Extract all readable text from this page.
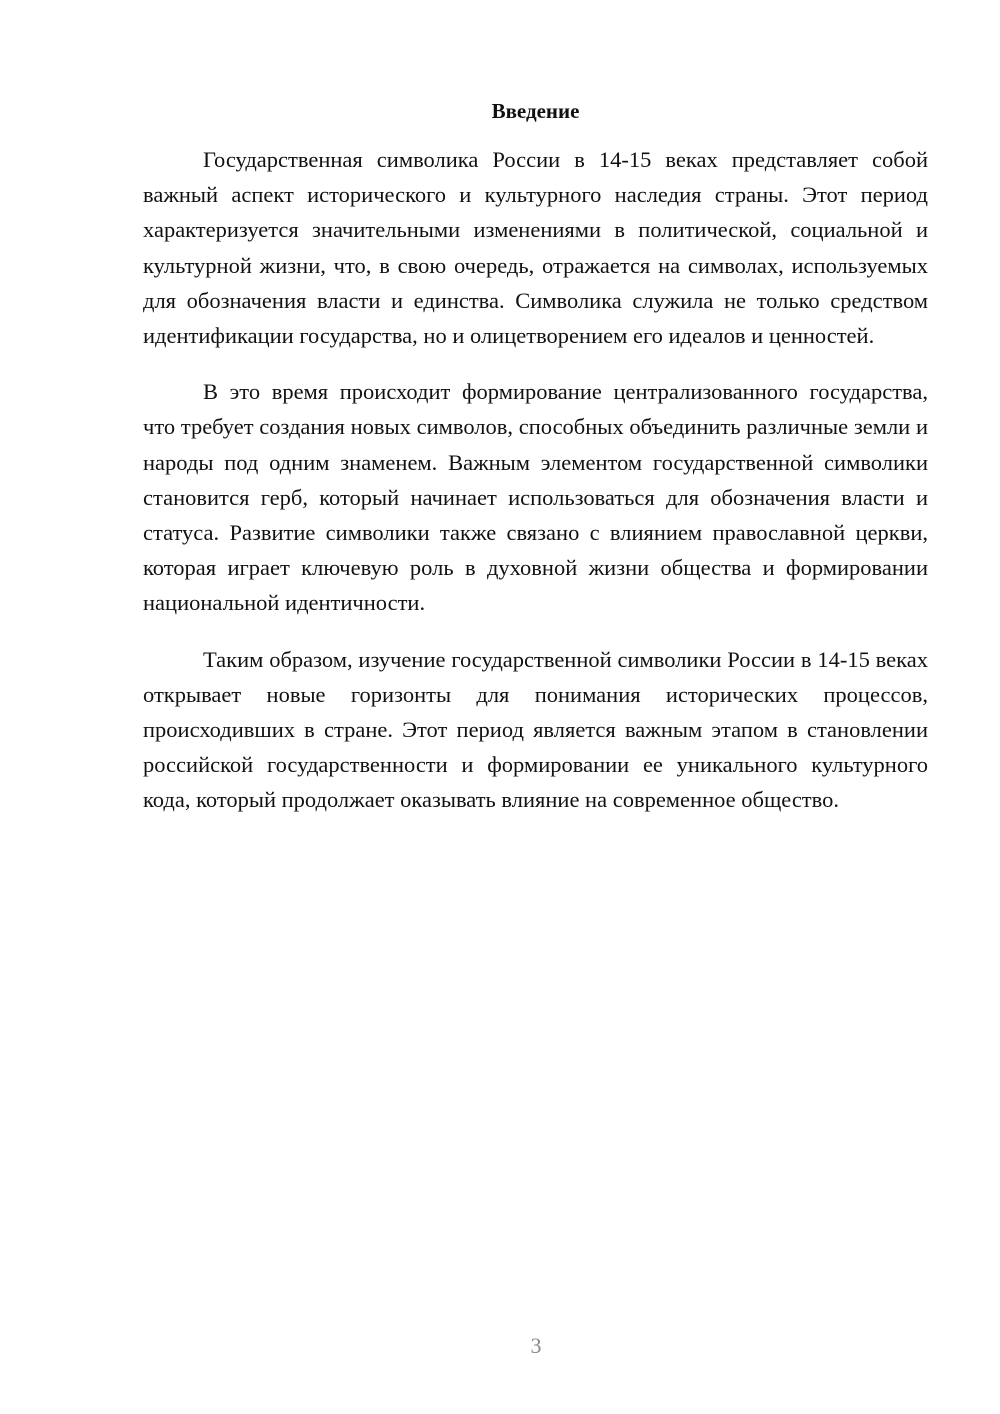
Введение

Государственная символика России в 14-15 веках представляет собой важный аспект исторического и культурного наследия страны. Этот период характеризуется значительными изменениями в политической, социальной и культурной жизни, что, в свою очередь, отражается на символах, используемых для обозначения власти и единства. Символика служила не только средством идентификации государства, но и олицетворением его идеалов и ценностей.

В это время происходит формирование централизованного государства, что требует создания новых символов, способных объединить различные земли и народы под одним знаменем. Важным элементом государственной символики становится герб, который начинает использоваться для обозначения власти и статуса. Развитие символики также связано с влиянием православной церкви, которая играет ключевую роль в духовной жизни общества и формировании национальной идентичности.

Таким образом, изучение государственной символики России в 14-15 веках открывает новые горизонты для понимания исторических процессов, происходивших в стране. Этот период является важным этапом в становлении российской государственности и формировании ее уникального культурного кода, который продолжает оказывать влияние на современное общество.

3
